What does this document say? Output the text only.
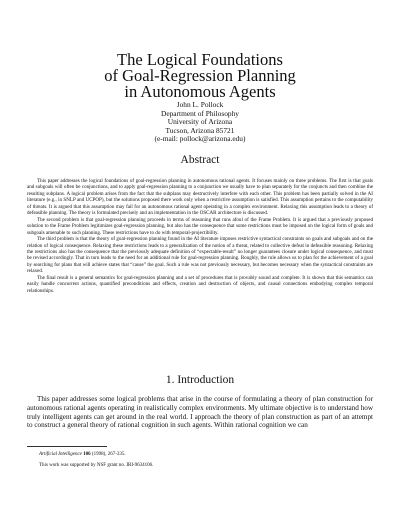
The Logical Foundations
of Goal-Regression Planning
in Autonomous Agents
John L. Pollock
Department of Philosophy
University of Arizona
Tucson, Arizona 85721
(e-mail: pollock@arizona.edu)
Abstract

This paper addresses the logical foundations of goal-regression planning in autonomous rational agents. It focuses mainly on three problems. The first is that goals and subgoals will often be conjunctions, and to apply goal-regression planning to a conjunction we usually have to plan separately for the conjuncts and then combine the resulting subplans. A logical problem arises from the fact that the subplans may destructively interfere with each other. This problem has been partially solved in the AI literature (e.g., in SNLP and UCPOP), but the solutions proposed there work only when a restrictive assumption is satisfied. This assumption pertains to the computability of threats. It is argued that this assumption may fail for an autonomous rational agent operating in a complex environment. Relaxing this assumption leads to a theory of defeasible planning. The theory is formulated precisely and an implementation in the OSCAR architecture is discussed.

The second problem is that goal-regression planning proceeds in terms of reasoning that runs afoul of the Frame Problem. It is argued that a previously proposed solution to the Frame Problem legitimizes goal-regression planning, but also has the consequence that some restrictions must be imposed on the logical form of goals and subgoals amenable to such planning. These restrictions have to do with temporal-projectibility.

The third problem is that the theory of goal-regression planning found in the AI literature imposes restrictive syntactical constraints on goals and subgoals and on the relation of logical consequence. Relaxing these restrictions leads to a generalization of the notion of a threat, related to collective defeat in defeasible reasoning. Relaxing the restrictions also has the consequence that the previously adequate definition of “expectable-result” no longer guarantees closure under logical consequence, and must be revised accordingly. That in turn leads to the need for an additional rule for goal-regression planning. Roughly, the rule allows us to plan for the achievement of a goal by searching for plans that will achieve states that “cause” the goal. Such a rule was not previously necessary, but becomes necessary when the syntactical constraints are relaxed.

The final result is a general semantics for goal-regression planning and a set of procedures that is provably sound and complete. It is shown that this semantics can easily handle concurrent actions, quantified preconditions and effects, creation and destruction of objects, and causal connections embodying complex temporal relationships.

1. Introduction

This paper addresses some logical problems that arise in the course of formulating a theory of plan construction for autonomous rational agents operating in realistically complex environments. My ultimate objective is to understand how truly intelligent agents can get around in the real world. I approach the theory of plan construction as part of an attempt to construct a general theory of rational cognition in such agents. Within rational cognition we can

Artificial Intelligence 106 (1998), 267-335.

This work was supported by NSF grant no. IRI-9634106.
